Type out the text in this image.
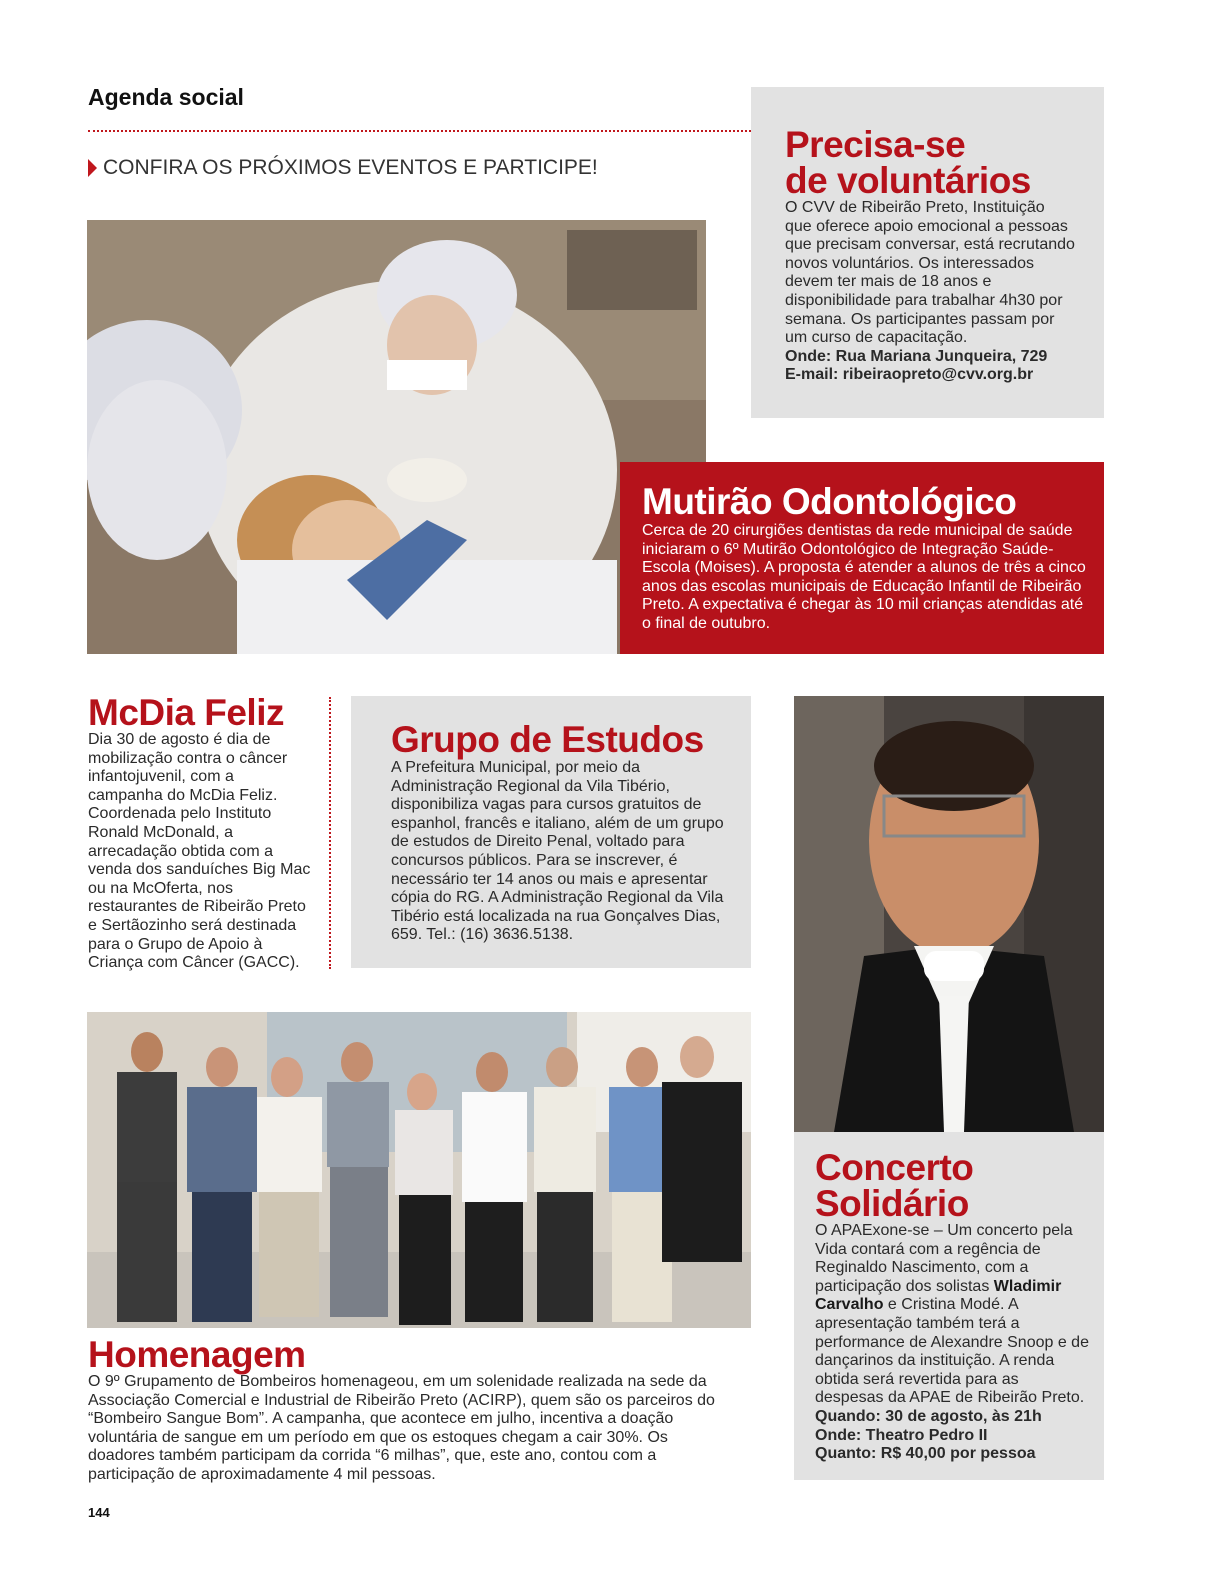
Agenda social
CONFIRA OS PRÓXIMOS EVENTOS E PARTICIPE!
Precisa-se
de voluntários
O CVV de Ribeirão Preto, Instituição que oferece apoio emocional a pessoas que precisam conversar, está recrutando novos voluntários. Os interessados devem ter mais de 18 anos e disponibilidade para trabalhar 4h30 por semana. Os participantes passam por um curso de capacitação.
Onde: Rua Mariana Junqueira, 729
E-mail: ribeiraopreto@cvv.org.br
Mutirão Odontológico
Cerca de 20 cirurgiões dentistas da rede municipal de saúde iniciaram o 6º Mutirão Odontológico de Integração Saúde-Escola (Moises). A proposta é atender a alunos de três a cinco anos das escolas municipais de Educação Infantil de Ribeirão Preto. A expectativa é chegar às 10 mil crianças atendidas até o final de outubro.
McDia Feliz
Dia 30 de agosto é dia de mobilização contra o câncer infantojuvenil, com a campanha do McDia Feliz. Coordenada pelo Instituto Ronald McDonald, a arrecadação obtida com a venda dos sanduíches Big Mac ou na McOferta, nos restaurantes de Ribeirão Preto e Sertãozinho será destinada para o Grupo de Apoio à Criança com Câncer (GACC).
Grupo de Estudos
A Prefeitura Municipal, por meio da Administração Regional da Vila Tibério, disponibiliza vagas para cursos gratuitos de espanhol, francês e italiano, além de um grupo de estudos de Direito Penal, voltado para concursos públicos. Para se inscrever, é necessário ter 14 anos ou mais e apresentar cópia do RG. A Administração Regional da Vila Tibério está localizada na rua Gonçalves Dias, 659. Tel.: (16) 3636.5138.
Concerto
Solidário
O APAExone-se – Um concerto pela Vida contará com a regência de Reginaldo Nascimento, com a participação dos solistas Wladimir Carvalho e Cristina Modé. A apresentação também terá a performance de Alexandre Snoop e de dançarinos da instituição. A renda obtida será revertida para as despesas da APAE de Ribeirão Preto.
Quando: 30 de agosto, às 21h
Onde: Theatro Pedro II
Quanto: R$ 40,00 por pessoa
Homenagem
O 9º Grupamento de Bombeiros homenageou, em um solenidade realizada na sede da Associação Comercial e Industrial de Ribeirão Preto (ACIRP), quem são os parceiros do “Bombeiro Sangue Bom”. A campanha, que acontece em julho, incentiva a doação voluntária de sangue em um período em que os estoques chegam a cair 30%. Os doadores também participam da corrida “6 milhas”, que, este ano, contou com a participação de aproximadamente 4 mil pessoas.
144
